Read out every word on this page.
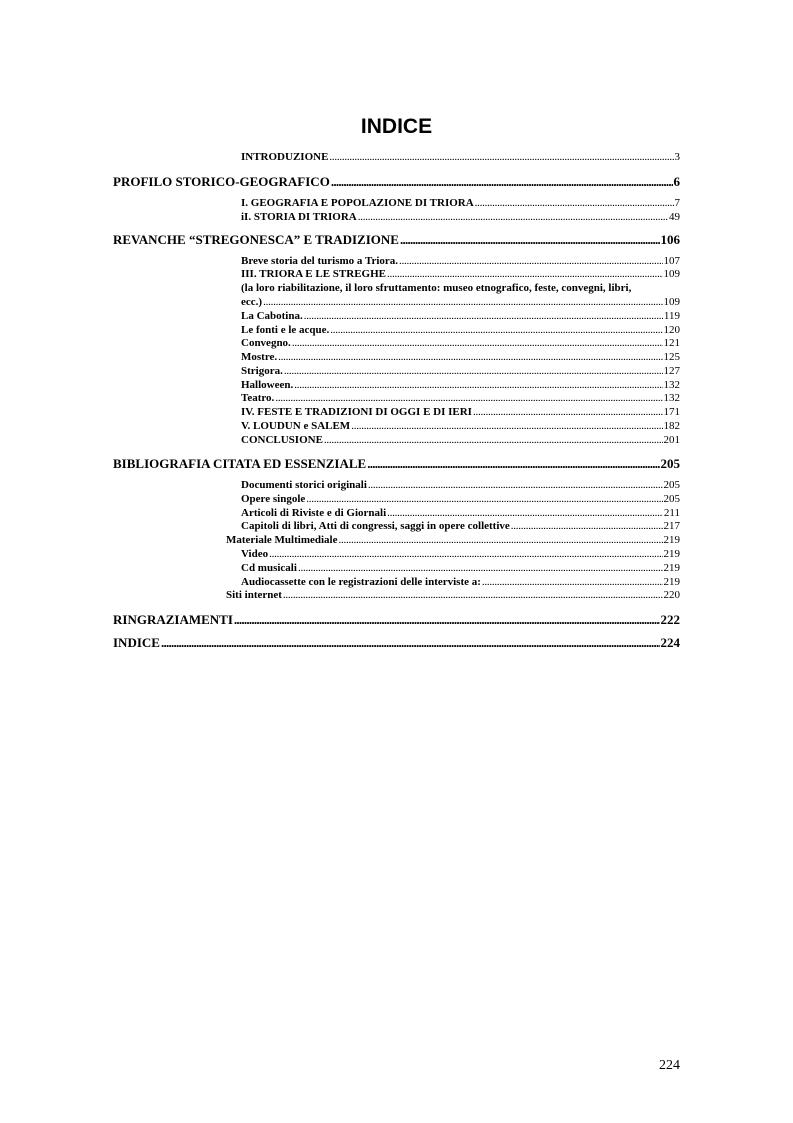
INDICE
INTRODUZIONE . . .	3
PROFILO STORICO-GEOGRAFICO . . .	6
I. GEOGRAFIA E POPOLAZIONE DI TRIORA . . .	7
iI. STORIA DI TRIORA . . .	49
REVANCHE “STREGONESCA” E TRADIZIONE . . .	106
Breve storia del turismo a Triora. . . .	107
III. TRIORA E LE STREGHE . . .	109
(la loro riabilitazione, il loro sfruttamento: museo etnografico, feste, convegni, libri,
ecc.) . . .	109
La Cabotina. . . .	119
Le fonti e le acque. . . .	120
Convegno. . . .	121
Mostre. . . .	125
Strigora. . . .	127
Halloween. . . .	132
Teatro. . . .	132
IV. FESTE E TRADIZIONI DI OGGI E DI IERI . . .	171
V. LOUDUN e SALEM . . .	182
CONCLUSIONE . . .	201
BIBLIOGRAFIA CITATA ED ESSENZIALE . . .	205
Documenti storici originali . . .	205
Opere singole . . .	205
Articoli di Riviste e di Giornali . . .	211
Capitoli di libri, Atti di congressi, saggi in opere collettive . . .	217
Materiale Multimediale . . .	219
Video . . .	219
Cd musicali . . .	219
Audiocassette con le registrazioni delle interviste a: . . .	219
Siti internet . . .	220
RINGRAZIAMENTI . . .	222
INDICE . . .	224
224
